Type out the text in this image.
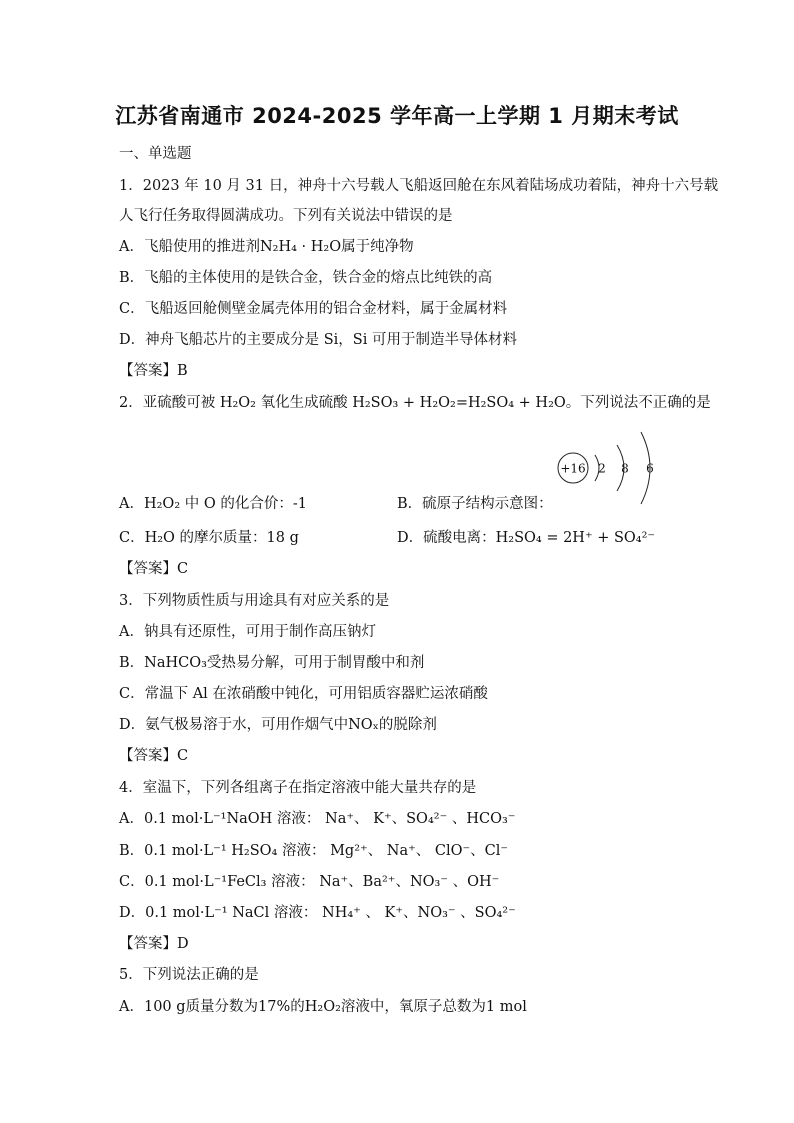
江苏省南通市 2024-2025 学年高一上学期 1 月期末考试
一、单选题
1．2023 年 10 月 31 日，神舟十六号载人飞船返回舱在东风着陆场成功着陆，神舟十六号载
人飞行任务取得圆满成功。下列有关说法中错误的是
A．飞船使用的推进剂N₂H₄ · H₂O属于纯净物
B．飞船的主体使用的是铁合金，铁合金的熔点比纯铁的高
C．飞船返回舱侧壁金属壳体用的铝合金材料，属于金属材料
D．神舟飞船芯片的主要成分是 Si，Si 可用于制造半导体材料
【答案】B
2．亚硫酸可被 H₂O₂ 氧化生成硫酸 H₂SO₃ + H₂O₂=H₂SO₄ + H₂O。下列说法不正确的是
+16 2 8 6
A．H₂O₂ 中 O 的化合价：-1	B．硫原子结构示意图：
C．H₂O 的摩尔质量：18 g	D．硫酸电离：H₂SO₄ = 2H⁺ + SO₄²⁻
【答案】C
3．下列物质性质与用途具有对应关系的是
A．钠具有还原性，可用于制作高压钠灯
B．NaHCO₃受热易分解，可用于制胃酸中和剂
C．常温下 Al 在浓硝酸中钝化，可用铝质容器贮运浓硝酸
D．氨气极易溶于水，可用作烟气中NOₓ的脱除剂
【答案】C
4．室温下，下列各组离子在指定溶液中能大量共存的是
A．0.1 mol·L⁻¹NaOH 溶液： Na⁺、 K⁺、SO₄²⁻ 、HCO₃⁻
B．0.1 mol·L⁻¹ H₂SO₄ 溶液： Mg²⁺、 Na⁺、 ClO⁻、Cl⁻
C．0.1 mol·L⁻¹FeCl₃ 溶液： Na⁺、Ba²⁺、NO₃⁻ 、OH⁻
D．0.1 mol·L⁻¹ NaCl 溶液： NH₄⁺ 、 K⁺、NO₃⁻ 、SO₄²⁻
【答案】D
5．下列说法正确的是
A．100 g质量分数为17%的H₂O₂溶液中，氧原子总数为1 mol
